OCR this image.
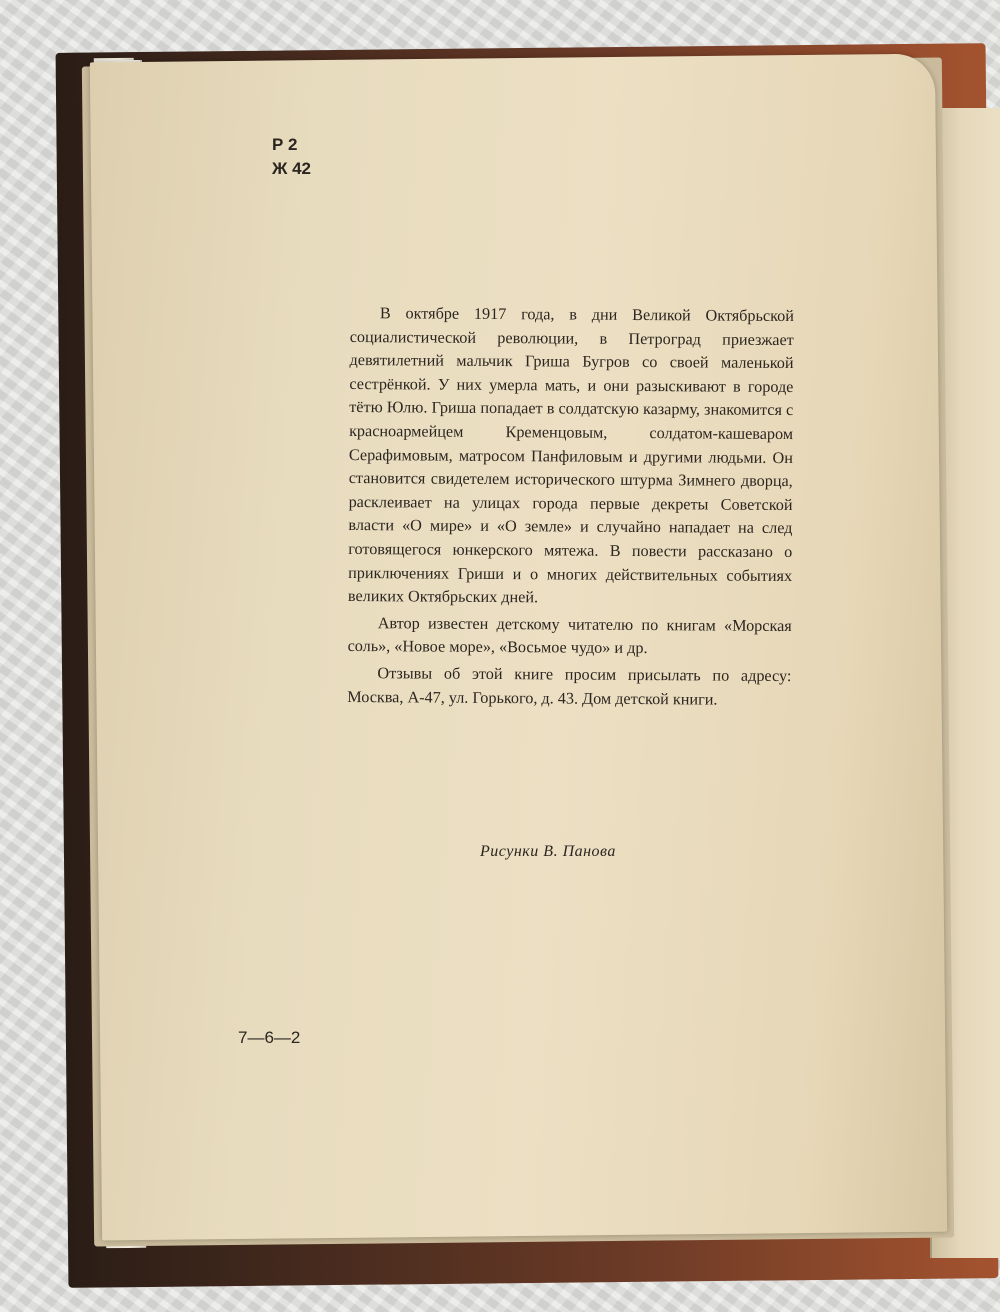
Р 2
Ж 42

В октябре 1917 года, в дни Великой Октябрьской социалистической революции, в Петроград приезжает девятилетний мальчик Гриша Бугров со своей маленькой сестрёнкой. У них умерла мать, и они разыскивают в городе тётю Юлю. Гриша попадает в солдатскую казарму, знакомится с красноармейцем Кременцовым, солдатом-кашеваром Серафимовым, матросом Панфиловым и другими людьми. Он становится свидетелем исторического штурма Зимнего дворца, расклеивает на улицах города первые декреты Советской власти «О мире» и «О земле» и случайно нападает на след готовящегося юнкерского мятежа. В повести рассказано о приключениях Гриши и о многих действительных событиях великих Октябрьских дней.

Автор известен детскому читателю по книгам «Морская соль», «Новое море», «Восьмое чудо» и др.

Отзывы об этой книге просим присылать по адресу: Москва, А-47, ул. Горького, д. 43. Дом детской книги.

Рисунки В. Панова
7—6—2
